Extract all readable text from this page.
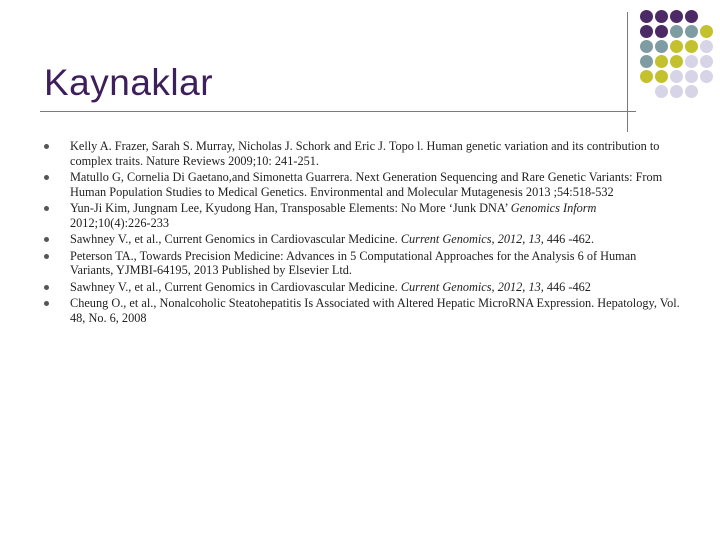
Kaynaklar
Kelly A. Frazer, Sarah S. Murray, Nicholas J. Schork and Eric J. Topo l. Human genetic variation and its contribution to complex traits. Nature Reviews 2009;10: 241-251.
Matullo G, Cornelia Di Gaetano,and Simonetta Guarrera. Next Generation Sequencing and Rare Genetic Variants: From Human Population Studies to Medical Genetics. Environmental and Molecular Mutagenesis 2013 ;54:518-532
Yun-Ji Kim, Jungnam Lee, Kyudong Han, Transposable Elements: No More ‘Junk DNA’ Genomics Inform 2012;10(4):226-233
Sawhney V., et al., Current Genomics in Cardiovascular Medicine. Current Genomics, 2012, 13, 446 -462.
Peterson TA., Towards Precision Medicine: Advances in 5 Computational Approaches for the Analysis 6 of Human Variants, YJMBI-64195, 2013 Published by Elsevier Ltd.
Sawhney V., et al., Current Genomics in Cardiovascular Medicine. Current Genomics, 2012, 13, 446 -462
Cheung O., et al., Nonalcoholic Steatohepatitis Is Associated with Altered Hepatic MicroRNA Expression. Hepatology, Vol. 48, No. 6, 2008
